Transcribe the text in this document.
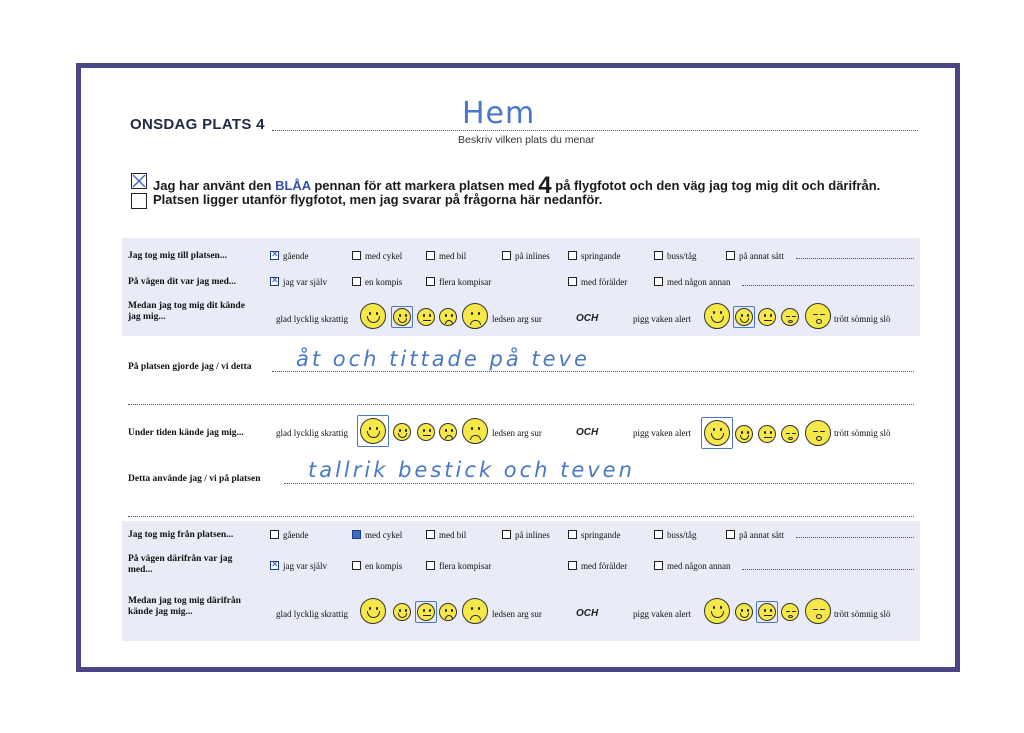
ONSDAG PLATS 4	Hem
Beskriv vilken plats du menar
Jag har använt den BLÅA pennan för att markera platsen med 4 på flygfotot och den väg jag tog mig dit och därifrån.
Platsen ligger utanför flygfotot, men jag svarar på frågorna här nedanför.
Jag tog mig till platsen... ✕	gående	med cykel	med bil	på inlines	springande	buss/tåg	på annat sätt
På vägen dit var jag med... ✕	jag var själv	en kompis	flera kompisar	med förälder	med någon annan
Medan jag tog mig dit kände jag mig...	glad lycklig skrattig	ledsen arg sur	OCH	pigg vaken alert	trött sömnig slö
På platsen gjorde jag / vi detta åt och tittade på teve
Under tiden kände jag mig...	glad lycklig skrattig	ledsen arg sur	OCH	pigg vaken alert	trött sömnig slö
Detta använde jag / vi på platsen tallrik bestick och teven
Jag tog mig från platsen...	gående	med cykel	med bil	på inlines	springande	buss/tåg	på annat sätt
På vägen därifrån var jag med... ✕	jag var själv	en kompis	flera kompisar	med förälder	med någon annan
Medan jag tog mig därifrån kände jag mig...	glad lycklig skrattig	ledsen arg sur	OCH	pigg vaken alert	trött sömnig slö
